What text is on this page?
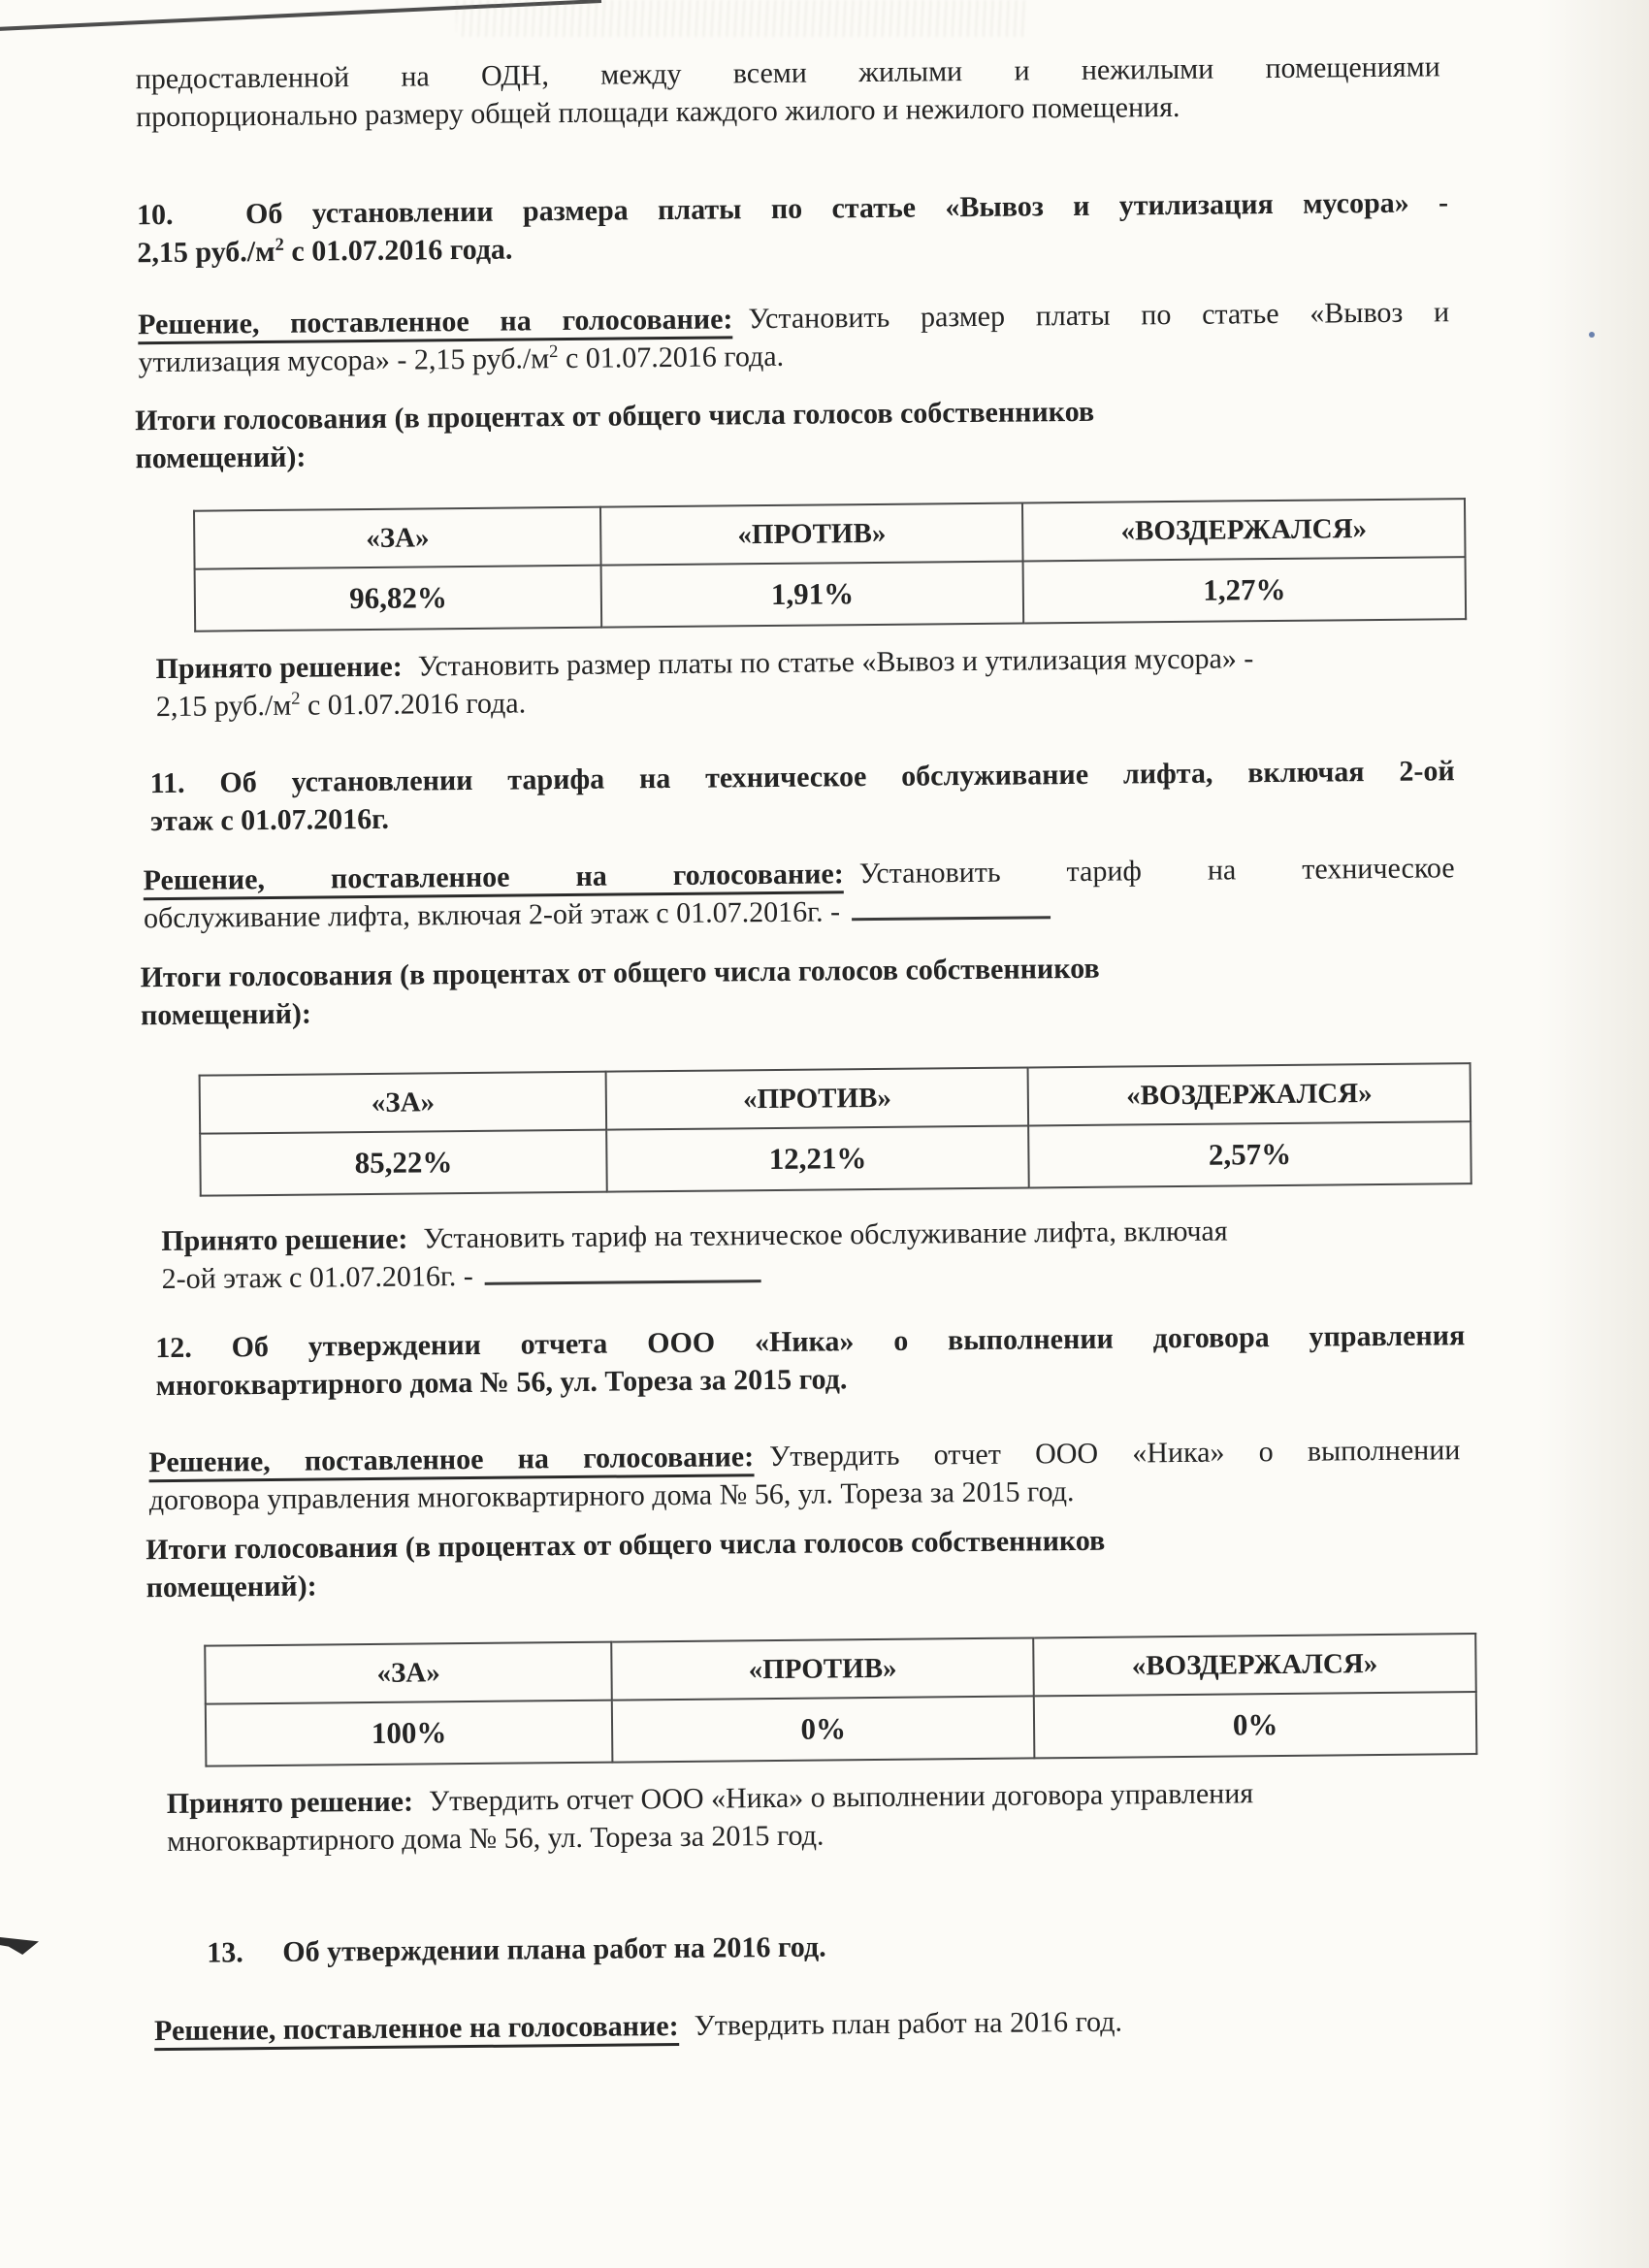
предоставленной на ОДН, между всеми жилыми и нежилыми помещениями
пропорционально размеру общей площади каждого жилого и нежилого помещения.
10. Об установлении размера платы по статье «Вывоз и утилизация мусора» -
2,15 $руб./м^2$ с 01.07.2016 года.
Решение, поставленное на голосование: Установить размер платы по статье «Вывоз и
утилизация мусора» - 2,15 $руб./м^2$ с 01.07.2016 года.
Итоги голосования (в процентах от общего числа голосов собственников
помещений):
«ЗА»	«ПРОТИВ»	«ВОЗДЕРЖАЛСЯ»
96,82%	1,91%	1,27%
Принято решение: Установить размер платы по статье «Вывоз и утилизация мусора» -
2,15 $руб./м^2$ с 01.07.2016 года.
11. Об установлении тарифа на техническое обслуживание лифта, включая 2-ой
этаж с 01.07.2016г.
Решение, поставленное на голосование: Установить тариф на техническое
обслуживание лифта, включая 2-ой этаж с 01.07.2016г. -
Итоги голосования (в процентах от общего числа голосов собственников
помещений):
«ЗА»	«ПРОТИВ»	«ВОЗДЕРЖАЛСЯ»
85,22%	12,21%	2,57%
Принято решение: Установить тариф на техническое обслуживание лифта, включая
2-ой этаж с 01.07.2016г. -
12. Об утверждении отчета ООО «Ника» о выполнении договора управления
многоквартирного дома № 56, ул. Тореза за 2015 год.
Решение, поставленное на голосование: Утвердить отчет ООО «Ника» о выполнении
договора управления многоквартирного дома № 56, ул. Тореза за 2015 год.
Итоги голосования (в процентах от общего числа голосов собственников
помещений):
«ЗА»	«ПРОТИВ»	«ВОЗДЕРЖАЛСЯ»
100%	0%	0%
Принято решение: Утвердить отчет ООО «Ника» о выполнении договора управления
многоквартирного дома № 56, ул. Тореза за 2015 год.
13. Об утверждении плана работ на 2016 год.
Решение, поставленное на голосование: Утвердить план работ на 2016 год.
